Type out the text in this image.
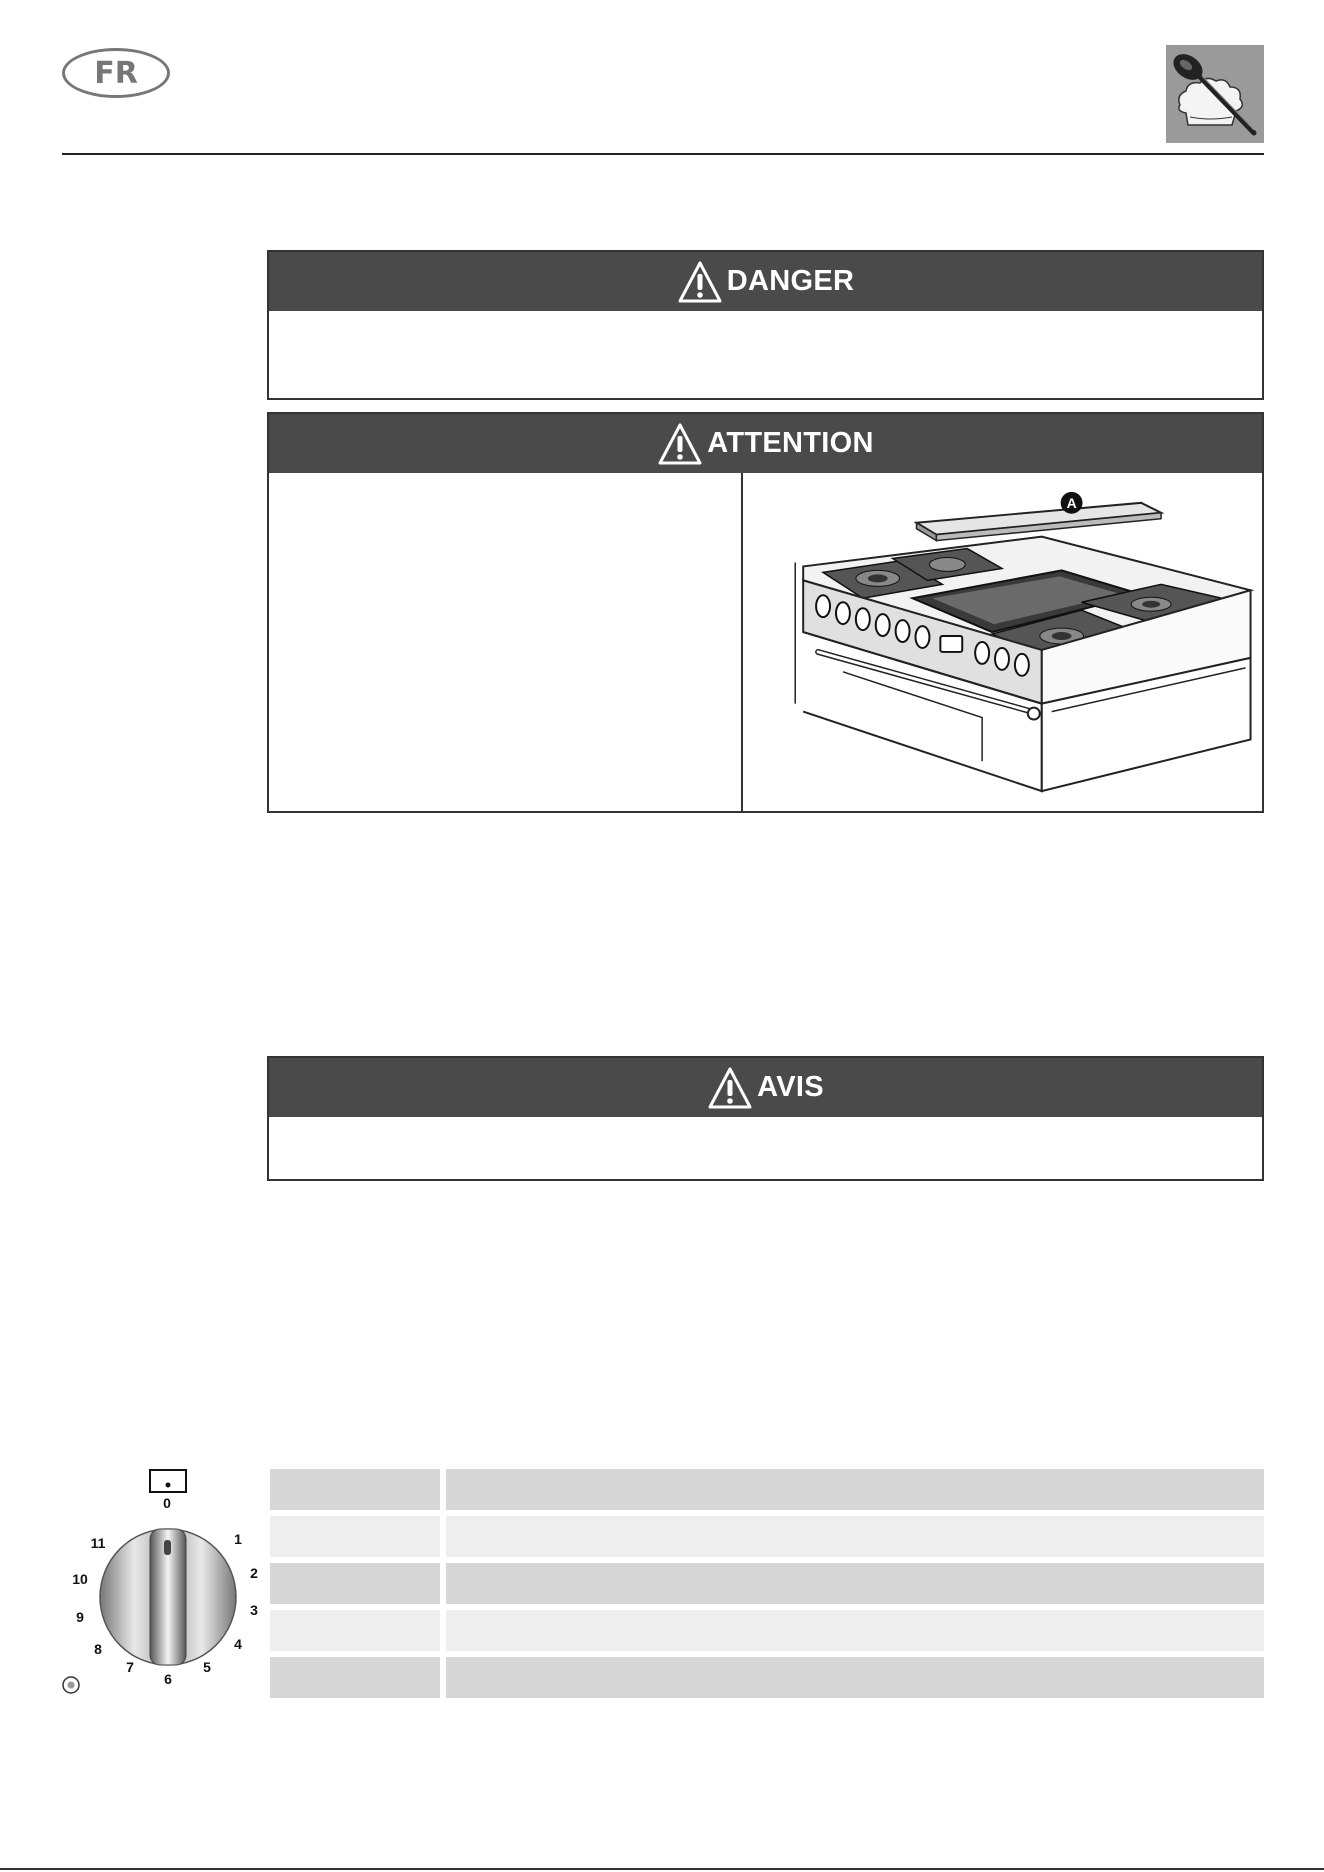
FR
DANGER
ATTENTION
A
AVIS
0
1
2
3
4
5
6
7
8
9
10
11
